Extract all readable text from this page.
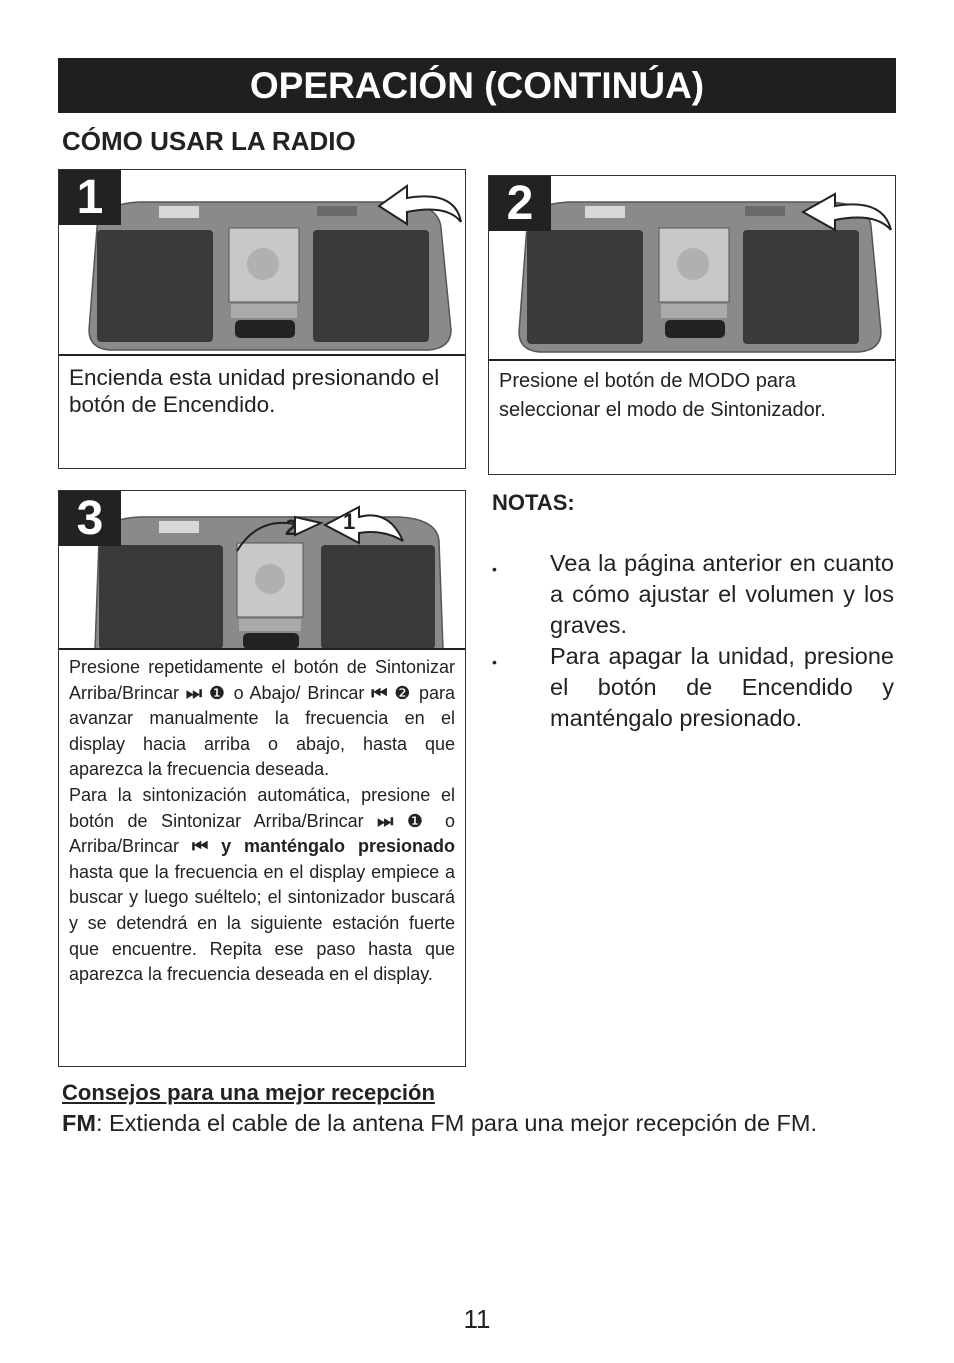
OPERACIÓN (CONTINÚA)
CÓMO USAR LA RADIO
1
Encienda esta unidad presionando el botón de Encendido.
2
Presione el botón de MODO para seleccionar el modo de Sintonizador.
2 1
3

Presione repetidamente el botón de Sintonizar Arriba/Brincar ⏭ ❶ o Abajo/ Brincar ⏮ ❷ para avanzar manualmente la frecuencia en el display hacia arriba o abajo, hasta que aparezca la frecuencia deseada.

Para la sintonización automática, presione el botón de Sintonizar Arriba/Brincar ⏭ ❶ o Arriba/Brincar ⏮ y manténgalo presionado hasta que la frecuencia en el display empiece a buscar y luego suéltelo; el sintonizador buscará y se detendrá en la siguiente estación fuerte que encuentre. Repita ese paso hasta que aparezca la frecuencia deseada en el display.

NOTAS:
• Vea la página anterior en cuanto a cómo ajustar el volumen y los graves.
• Para apagar la unidad, presione el botón de Encendido y manténgalo presionado.
Consejos para una mejor recepción
FM: Extienda el cable de la antena FM para una mejor recepción de FM.
11
